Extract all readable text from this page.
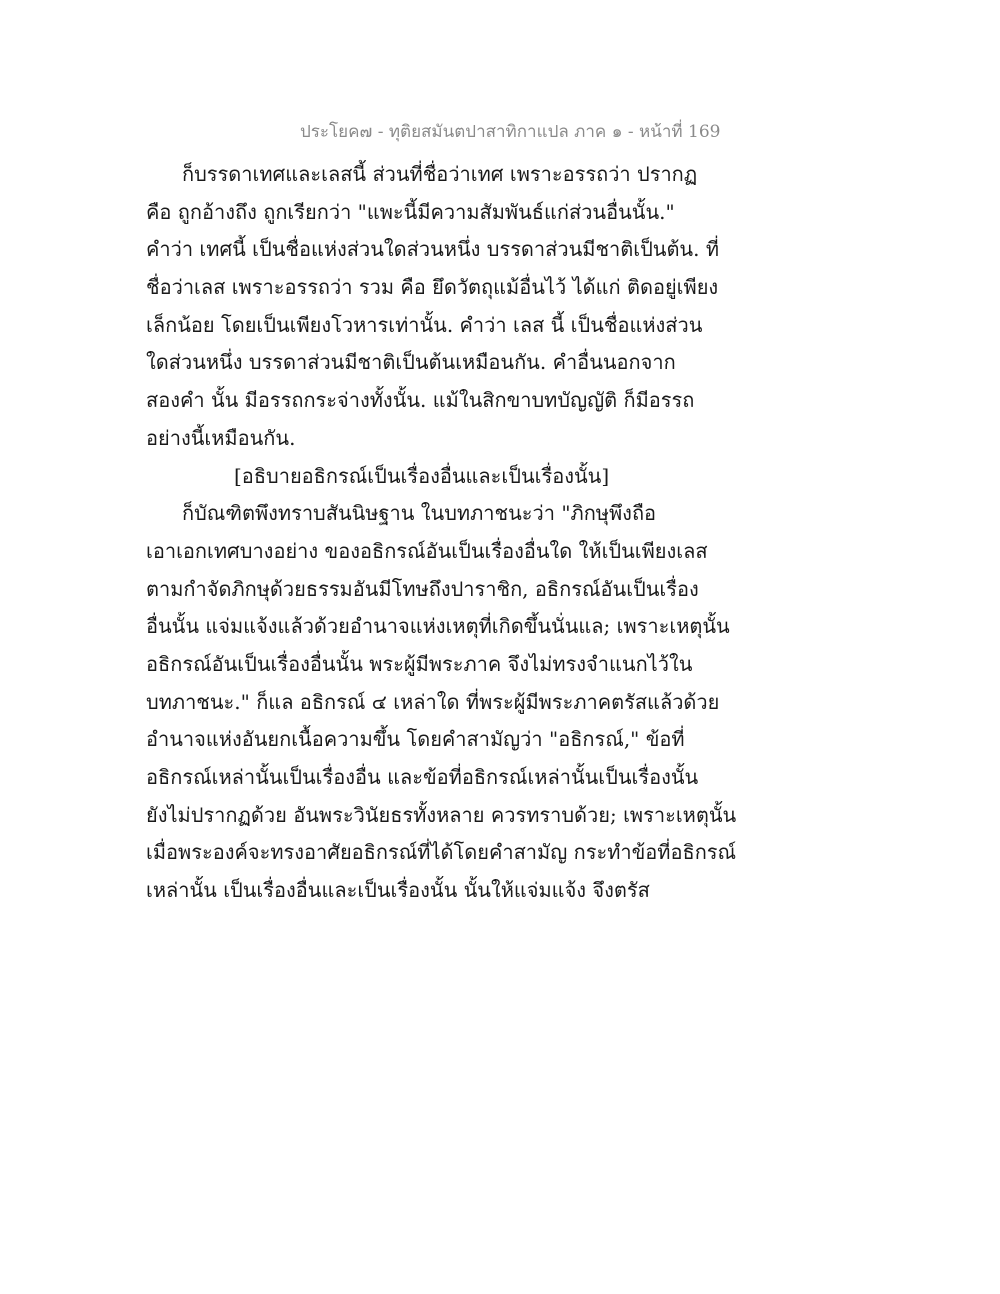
ประโยค๗ - ทุติยสมันตปาสาทิกาแปล ภาค ๑ - หน้าที่ 169
ก็บรรดาเทศและเลสนี้ ส่วนที่ชื่อว่าเทศ เพราะอรรถว่า ปรากฏ
คือ ถูกอ้างถึง ถูกเรียกว่า "แพะนี้มีความสัมพันธ์แก่ส่วนอื่นนั้น."
คำว่า เทศนี้ เป็นชื่อแห่งส่วนใดส่วนหนึ่ง บรรดาส่วนมีชาติเป็นต้น. ที่
ชื่อว่าเลส เพราะอรรถว่า รวม คือ ยึดวัตถุแม้อื่นไว้ ได้แก่ ติดอยู่เพียง
เล็กน้อย โดยเป็นเพียงโวหารเท่านั้น. คำว่า เลส นี้ เป็นชื่อแห่งส่วน
ใดส่วนหนึ่ง บรรดาส่วนมีชาติเป็นต้นเหมือนกัน. คำอื่นนอกจาก
สองคำ นั้น มีอรรถกระจ่างทั้งนั้น. แม้ในสิกขาบทบัญญัติ ก็มีอรรถ
อย่างนี้เหมือนกัน.
[อธิบายอธิกรณ์เป็นเรื่องอื่นและเป็นเรื่องนั้น]
ก็บัณฑิตพึงทราบสันนิษฐาน ในบทภาชนะว่า "ภิกษุพึงถือ
เอาเอกเทศบางอย่าง ของอธิกรณ์อันเป็นเรื่องอื่นใด ให้เป็นเพียงเลส
ตามกำจัดภิกษุด้วยธรรมอันมีโทษถึงปาราชิก, อธิกรณ์อันเป็นเรื่อง
อื่นนั้น แจ่มแจ้งแล้วด้วยอำนาจแห่งเหตุที่เกิดขึ้นนั่นแล; เพราะเหตุนั้น
อธิกรณ์อันเป็นเรื่องอื่นนั้น พระผู้มีพระภาค จึงไม่ทรงจำแนกไว้ใน
บทภาชนะ." ก็แล อธิกรณ์ ๔ เหล่าใด ที่พระผู้มีพระภาคตรัสแล้วด้วย
อำนาจแห่งอันยกเนื้อความขึ้น โดยคำสามัญว่า "อธิกรณ์," ข้อที่
อธิกรณ์เหล่านั้นเป็นเรื่องอื่น และข้อที่อธิกรณ์เหล่านั้นเป็นเรื่องนั้น
ยังไม่ปรากฏด้วย อันพระวินัยธรทั้งหลาย ควรทราบด้วย; เพราะเหตุนั้น
เมื่อพระองค์จะทรงอาศัยอธิกรณ์ที่ได้โดยคำสามัญ กระทำข้อที่อธิกรณ์
เหล่านั้น เป็นเรื่องอื่นและเป็นเรื่องนั้น นั้นให้แจ่มแจ้ง จึงตรัส
